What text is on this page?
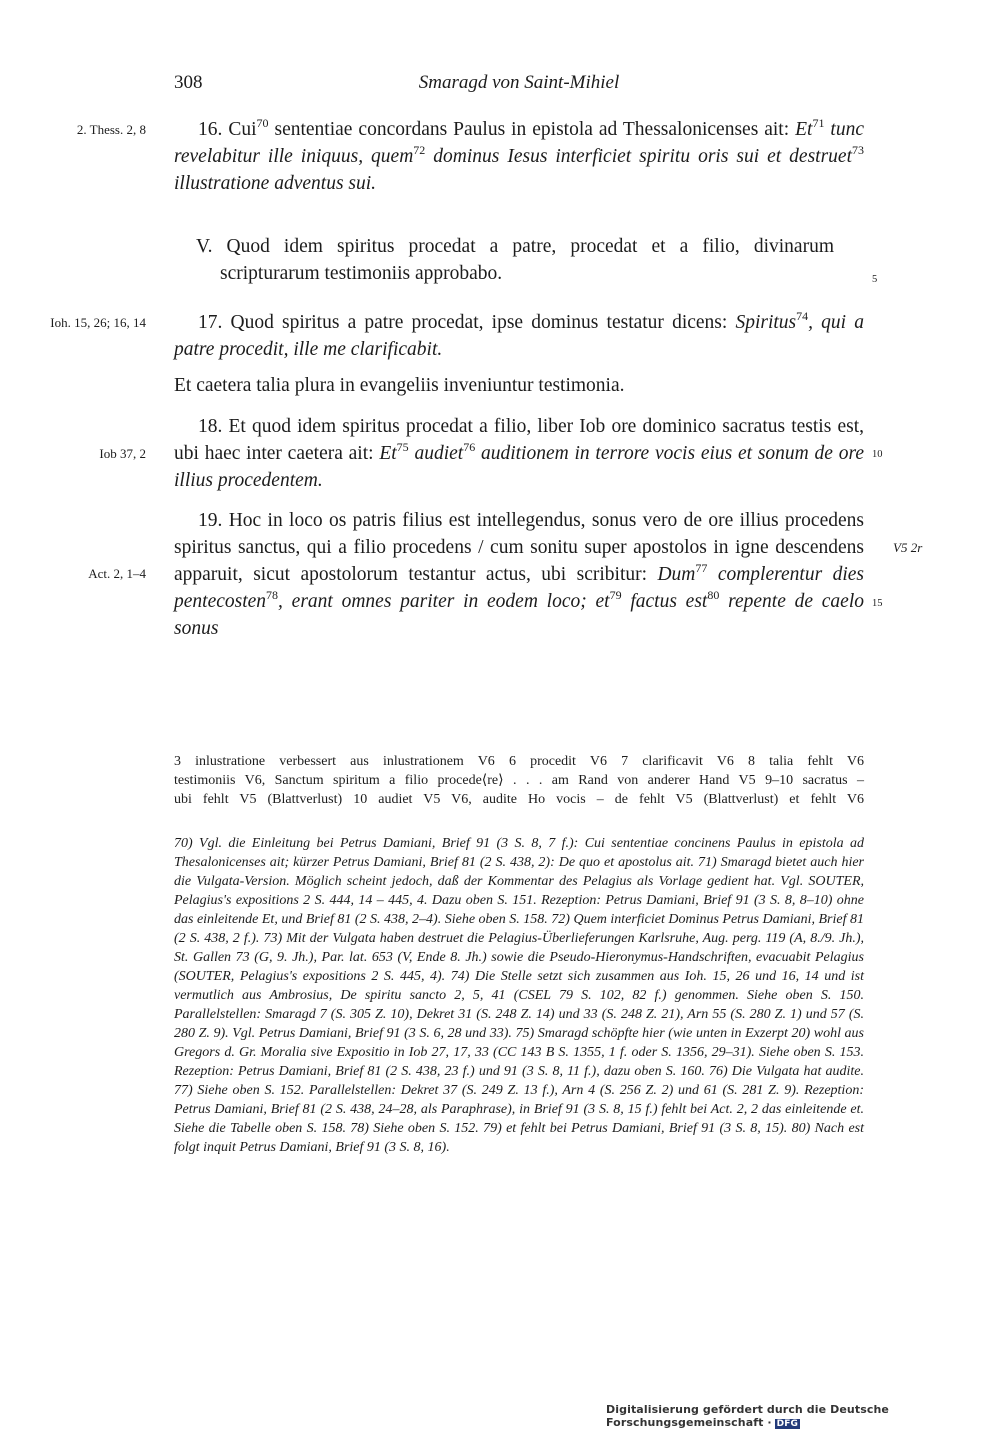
308	Smaragd von Saint-Mihiel
2. Thess. 2, 8
Ioh. 15, 26; 16, 14
Iob 37, 2
Act. 2, 1–4
5
10
15
V5 2r

16. Cui$^{70}$ sententiae concordans Paulus in epistola ad Thessalonicenses ait: Et$^{71}$ tunc revelabitur ille iniquus, quem$^{72}$ dominus Iesus interficiet spiritu oris sui et destruet$^{73}$ illustratione adventus sui.

V. Quod idem spiritus procedat a patre, procedat et a filio, divinarum scripturarum testimoniis approbabo.

17. Quod spiritus a patre procedat, ipse dominus testatur dicens: Spiritus$^{74}$, qui a patre procedit, ille me clarificabit.

Et caetera talia plura in evangeliis inveniuntur testimonia.

18. Et quod idem spiritus procedat a filio, liber Iob ore dominico sacratus testis est, ubi haec inter caetera ait: Et$^{75}$ audiet$^{76}$ auditionem in terrore vocis eius et sonum de ore illius procedentem.

19. Hoc in loco os patris filius est intellegendus, sonus vero de ore illius procedens spiritus sanctus, qui a filio procedens / cum sonitu super apostolos in igne descendens apparuit, sicut apostolorum testantur actus, ubi scribitur: Dum$^{77}$ complerentur dies pentecosten$^{78}$, erant omnes pariter in eodem loco; $et^{79}$ factus est$^{80}$ repente de caelo sonus

3 inlustratione verbessert aus inlustrationem V6 6 procedit V6 7 clarificavit V6 8 talia fehlt V6

testimoniis V6, Sanctum spiritum a filio procede⟨re⟩ . . . am Rand von anderer Hand V5 9–10 sacratus –

ubi fehlt V5 (Blattverlust) 10 audiet V5 V6, audite Ho vocis – de fehlt V5 (Blattverlust) et fehlt V6

70) Vgl. die Einleitung bei Petrus Damiani, Brief 91 (3 S. 8, 7 f.): Cui sententiae concinens Paulus in epistola ad Thesalonicenses ait; kürzer Petrus Damiani, Brief 81 (2 S. 438, 2): De quo et apostolus ait. 71) Smaragd bietet auch hier die Vulgata-Version. Möglich scheint jedoch, daß der Kommentar des Pelagius als Vorlage gedient hat. Vgl. SOUTER, Pelagius's expositions 2 S. 444, 14 – 445, 4. Dazu oben S. 151. Rezeption: Petrus Damiani, Brief 91 (3 S. 8, 8–10) ohne das einleitende Et, und Brief 81 (2 S. 438, 2–4). Siehe oben S. 158. 72) Quem interficiet Dominus Petrus Damiani, Brief 81 (2 S. 438, 2 f.). 73) Mit der Vulgata haben destruet die Pelagius-Überlieferungen Karlsruhe, Aug. perg. 119 (A, 8./9. Jh.), St. Gallen 73 (G, 9. Jh.), Par. lat. 653 (V, Ende 8. Jh.) sowie die Pseudo-Hieronymus-Handschriften, evacuabit Pelagius (SOUTER, Pelagius's expositions 2 S. 445, 4). 74) Die Stelle setzt sich zusammen aus Ioh. 15, 26 und 16, 14 und ist vermutlich aus Ambrosius, De spiritu sancto 2, 5, 41 (CSEL 79 S. 102, 82 f.) genommen. Siehe oben S. 150. Parallelstellen: Smaragd 7 (S. 305 Z. 10), Dekret 31 (S. 248 Z. 14) und 33 (S. 248 Z. 21), Arn 55 (S. 280 Z. 1) und 57 (S. 280 Z. 9). Vgl. Petrus Damiani, Brief 91 (3 S. 6, 28 und 33). 75) Smaragd schöpfte hier (wie unten in Exzerpt 20) wohl aus Gregors d. Gr. Moralia sive Expositio in Iob 27, 17, 33 (CC 143 B S. 1355, 1 f. oder S. 1356, 29–31). Siehe oben S. 153. Rezeption: Petrus Damiani, Brief 81 (2 S. 438, 23 f.) und 91 (3 S. 8, 11 f.), dazu oben S. 160. 76) Die Vulgata hat audite. 77) Siehe oben S. 152. Parallelstellen: Dekret 37 (S. 249 Z. 13 f.), Arn 4 (S. 256 Z. 2) und 61 (S. 281 Z. 9). Rezeption: Petrus Damiani, Brief 81 (2 S. 438, 24–28, als Paraphrase), in Brief 91 (3 S. 8, 15 f.) fehlt bei Act. 2, 2 das einleitende et. Siehe die Tabelle oben S. 158. 78) Siehe oben S. 152. 79) et fehlt bei Petrus Damiani, Brief 91 (3 S. 8, 15). 80) Nach est folgt inquit Petrus Damiani, Brief 91 (3 S. 8, 16).
Digitalisierung gefördert durch die Deutsche Forschungsgemeinschaft · DFG
